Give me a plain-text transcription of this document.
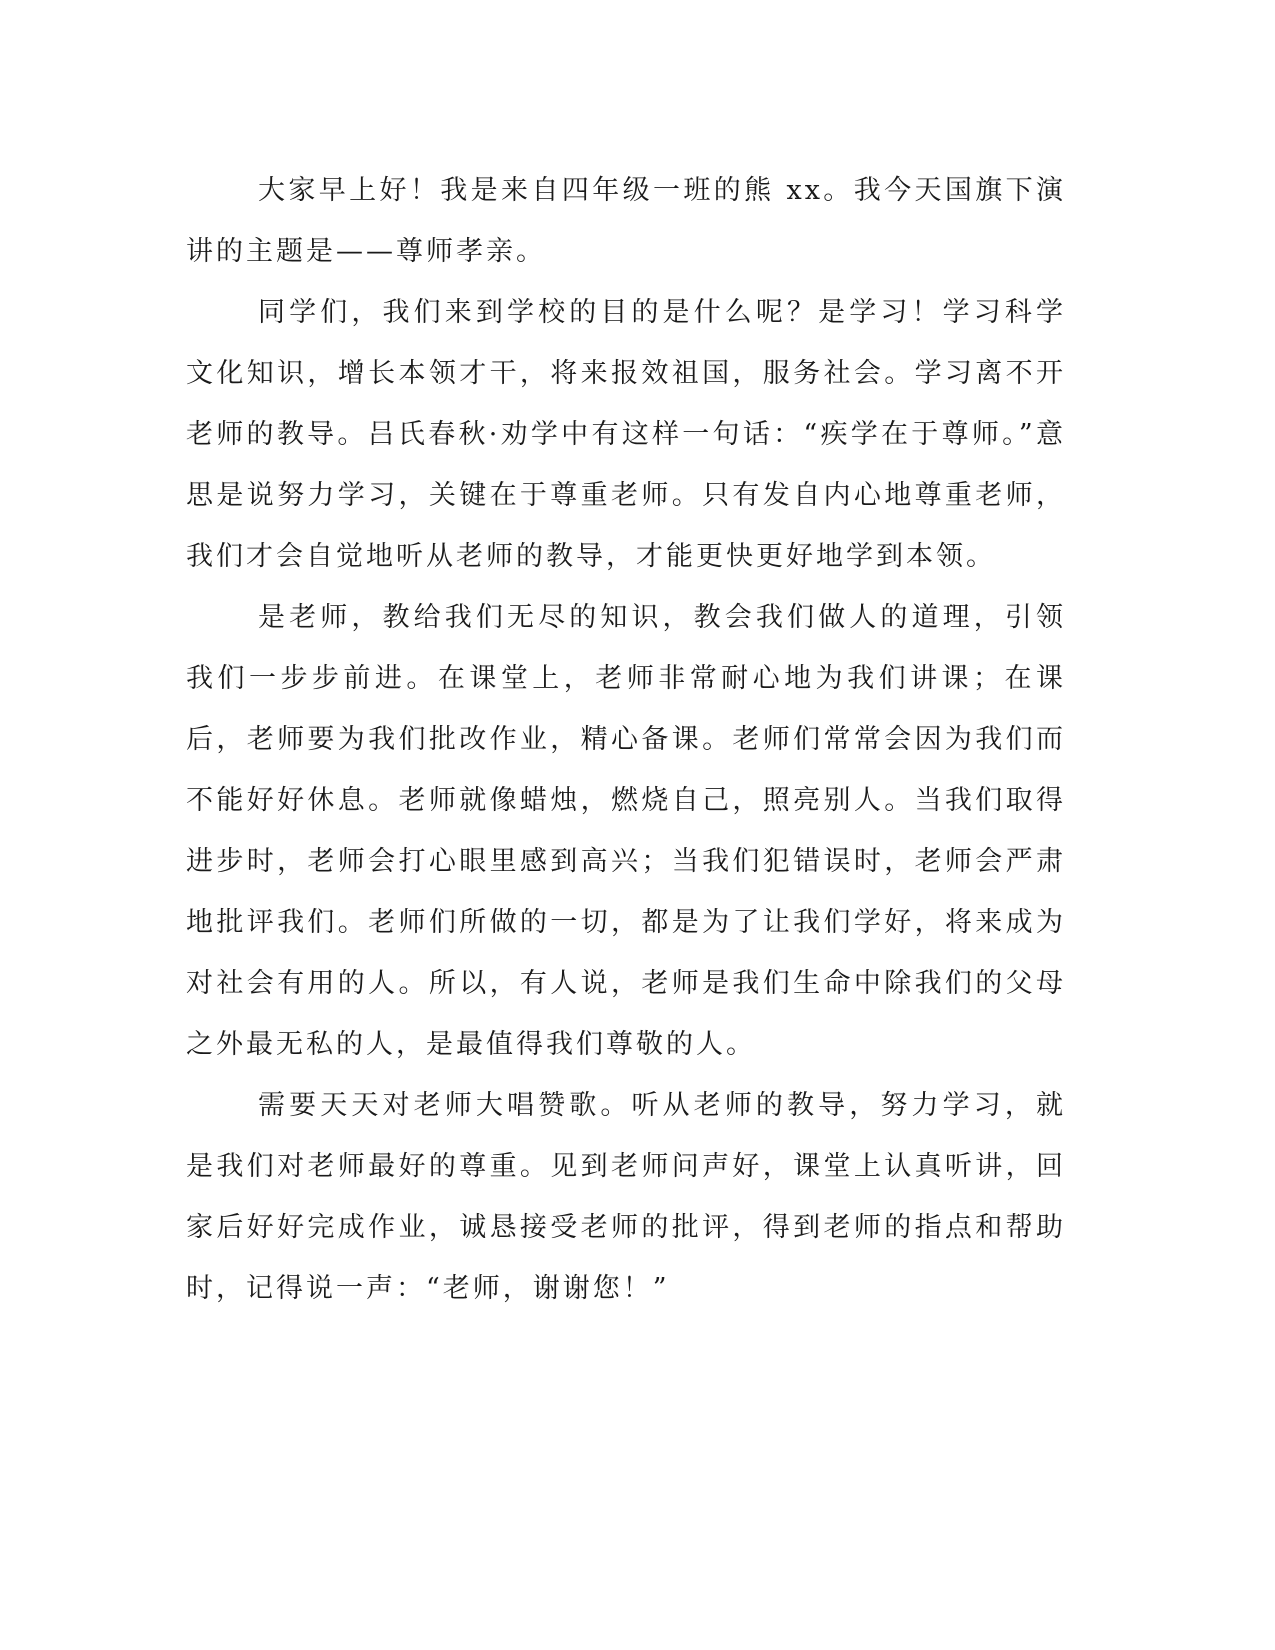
大家早上好！我是来自四年级一班的熊 xx。我今天国旗下演讲的主题是——尊师孝亲。

同学们，我们来到学校的目的是什么呢？是学习！学习科学文化知识，增长本领才干，将来报效祖国，服务社会。学习离不开老师的教导。吕氏春秋·劝学中有这样一句话：“疾学在于尊师。”意思是说努力学习，关键在于尊重老师。只有发自内心地尊重老师，我们才会自觉地听从老师的教导，才能更快更好地学到本领。

是老师，教给我们无尽的知识，教会我们做人的道理，引领我们一步步前进。在课堂上，老师非常耐心地为我们讲课；在课后，老师要为我们批改作业，精心备课。老师们常常会因为我们而不能好好休息。老师就像蜡烛，燃烧自己，照亮别人。当我们取得进步时，老师会打心眼里感到高兴；当我们犯错误时，老师会严肃地批评我们。老师们所做的一切，都是为了让我们学好，将来成为对社会有用的人。所以，有人说，老师是我们生命中除我们的父母之外最无私的人，是最值得我们尊敬的人。

需要天天对老师大唱赞歌。听从老师的教导，努力学习，就是我们对老师最好的尊重。见到老师问声好，课堂上认真听讲，回家后好好完成作业，诚恳接受老师的批评，得到老师的指点和帮助时，记得说一声：“老师，谢谢您！”
